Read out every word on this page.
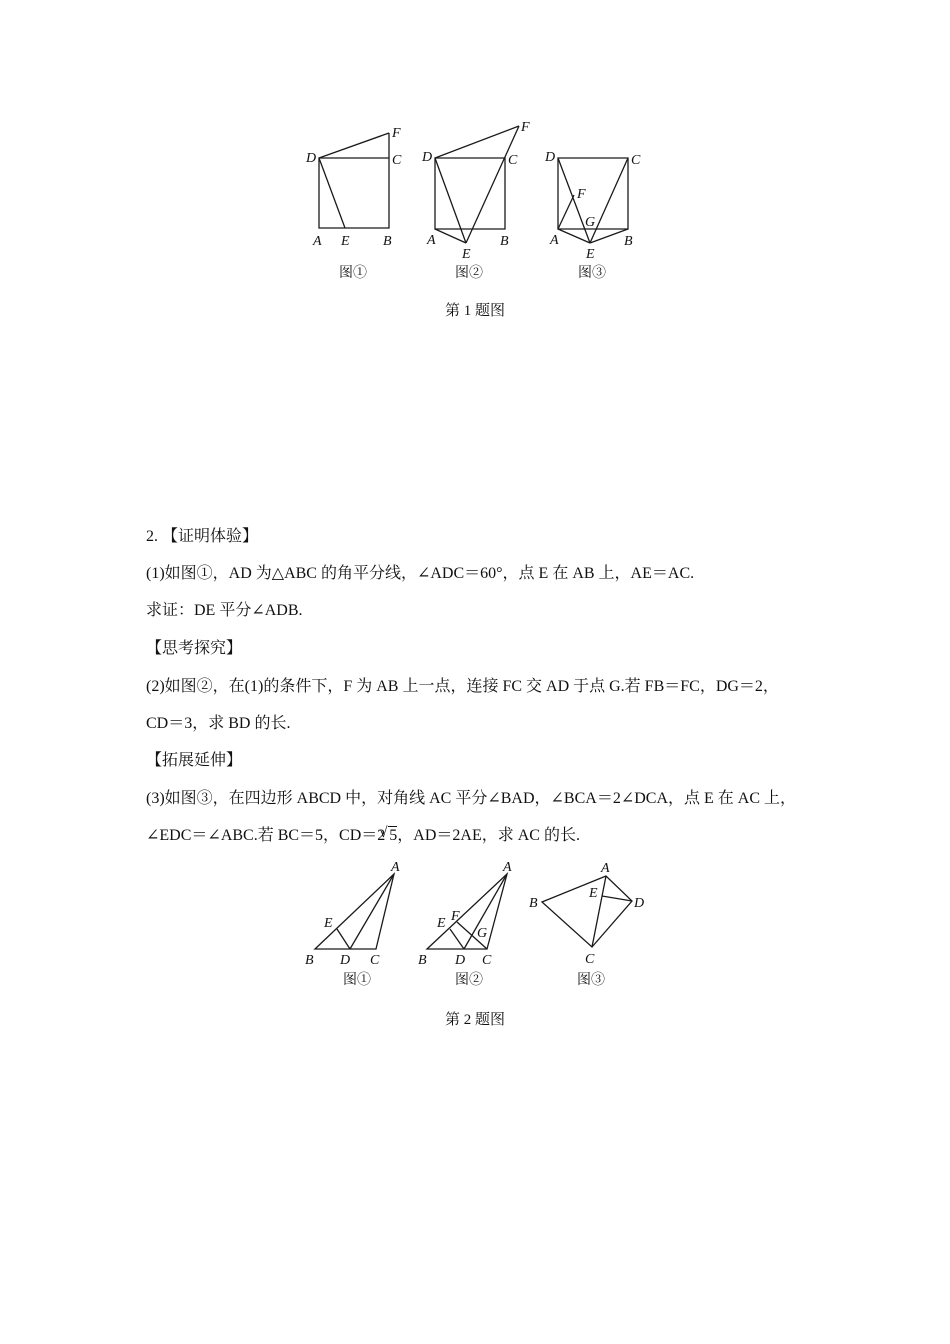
D	C
F
A E B
图①
D	C
F
A
E
B
图②
D	C
F
G
A
E
B
图③
第 1 题图
2. 【证明体验】
(1)如图①，AD 为△ABC 的角平分线，∠ADC＝60°，点 E 在 AB 上，AE＝AC.
求证：DE 平分∠ADB.
【思考探究】
(2)如图②，在(1)的条件下，F 为 AB 上一点，连接 FC 交 AD 于点 G.若 FB＝FC，DG＝2，
CD＝3，求 BD 的长.
【拓展延伸】
(3)如图③，在四边形 ABCD 中，对角线 AC 平分∠BAD，∠BCA＝2∠DCA，点 E 在 AC 上，
∠EDC＝∠ABC.若 BC＝5，CD＝2 √ 5，AD＝2AE，求 AC 的长.
A
E
B D C
图①
A
E F
G
B D C
图②
A
B
E
D
C
图③
第 2 题图
